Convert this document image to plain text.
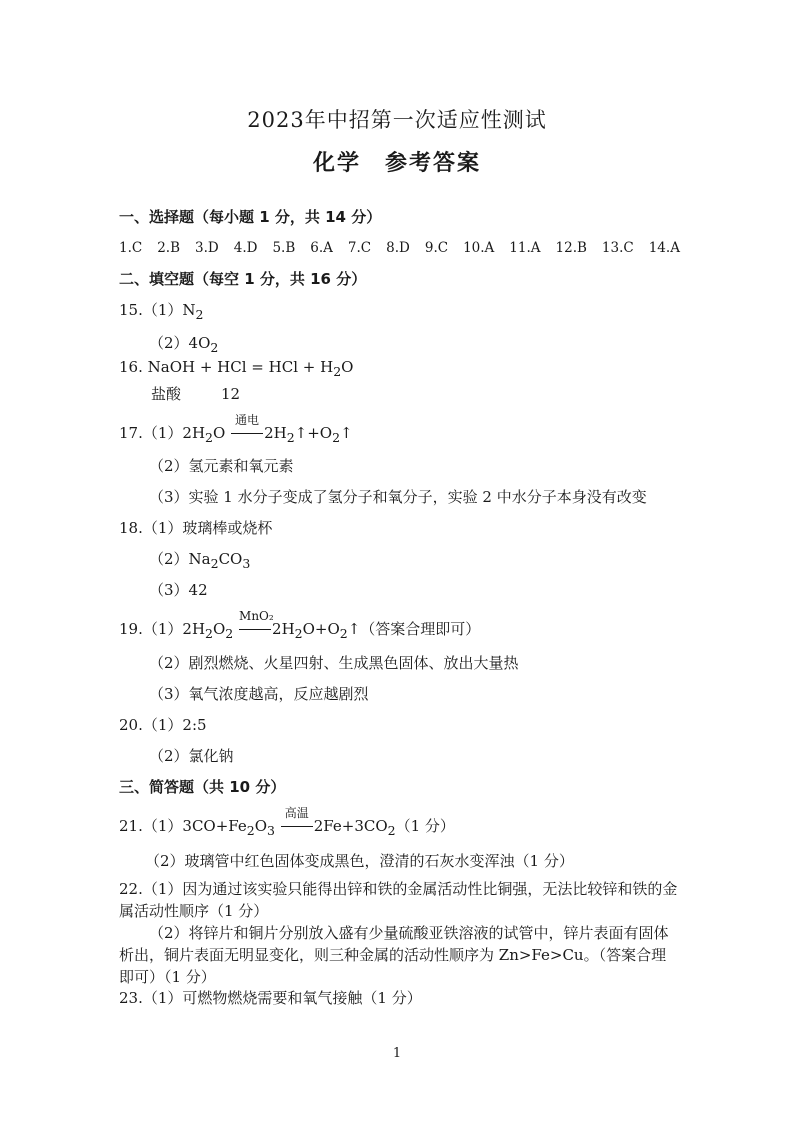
2023年中招第一次适应性测试
化学　参考答案
一、选择题（每小题 1 分，共 14 分）
1.C 2.B 3.D 4.D 5.B 6.A 7.C 8.D 9.C 10.A 11.A 12.B 13.C 14.A
二、填空题（每空 1 分，共 16 分）
$15.(1)N_2$
$(2)4O_2$
16. NaOH + HCl = HCl + $H_2O$
盐酸	12
$17.(1)2H_2O$
通电
$2H_2↑+O_2↑$
（2）氢元素和氧元素
（3）实验 1 水分子变成了氢分子和氧分子，实验 2 中水分子本身没有改变
18.（1）玻璃棒或烧杯
$(2)Na_2CO_3$
（3）42
$19.(1)2H_2O_2$
MnO₂
$2H_2O+O_2↑$（答案合理即可）
（2）剧烈燃烧、火星四射、生成黑色固体、放出大量热
（3）氧气浓度越高，反应越剧烈
20.（1）2:5
（2）氯化钠
三、简答题（共 10 分）
$21.(1)3CO+Fe_2O_3$
高温
$2Fe+3CO_2(1$ 分）
（2）玻璃管中红色固体变成黑色，澄清的石灰水变浑浊（1 分）
22.（1）因为通过该实验只能得出锌和铁的金属活动性比铜强，无法比较锌和铁的金属活动性顺序（1 分）
（2）将锌片和铜片分别放入盛有少量硫酸亚铁溶液的试管中，锌片表面有固体析出，铜片表面无明显变化，则三种金属的活动性顺序为 Zn>Fe>Cu。（答案合理即可）（1 分）
23.（1）可燃物燃烧需要和氧气接触（1 分）
1
